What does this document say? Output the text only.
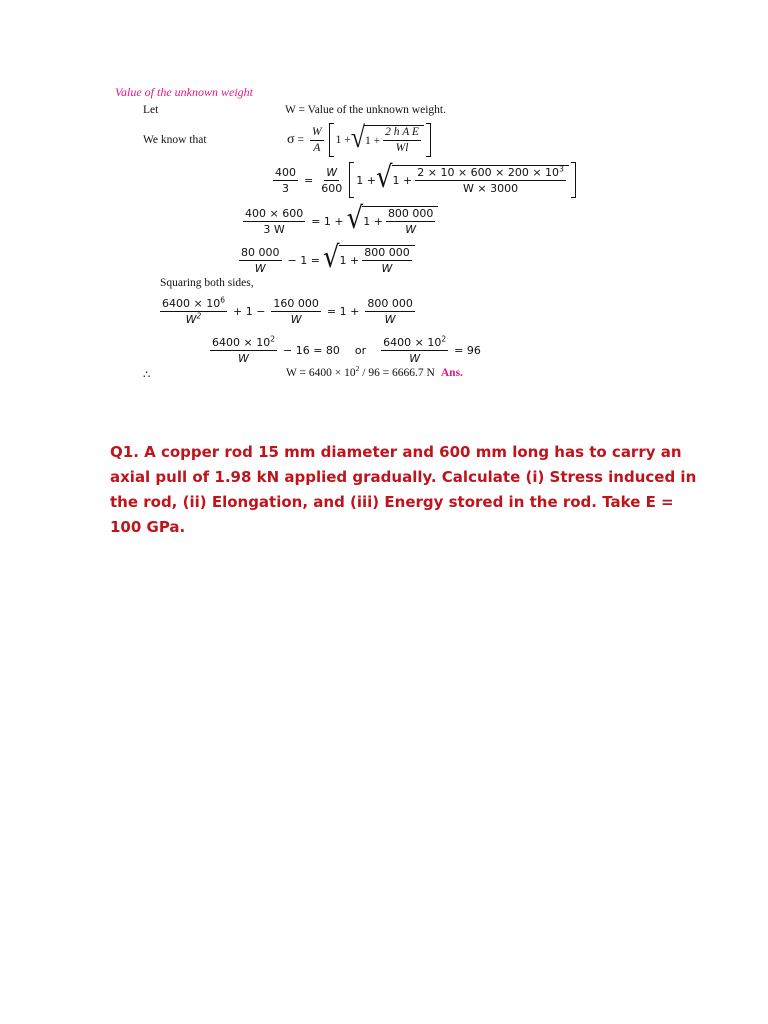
Value of the unknown weight
Let	W = Value of the unknown weight.
We know that	$\sigma = \frac{W}{A} 1$ + √ $1 + \frac{\text{2 h A E}}{Wl}$
$\frac{400}{3} = \frac{W}{600} 1$ + √ $1 + \frac{2 \times 10 \times 600 \times 200 \times 10^3}{W \times 3000}$
$\frac{400 \times 600}{3 W} = 1$ + √ $1 + \frac{800 000}{W}$
$\frac{80 000}{W} - 1$ = √ $1 + \frac{800 000}{W}$
Squaring both sides,
$\frac{6400 \times 10^6}{W^2} + 1 - \frac{160 000}{W} = 1 + \frac{800 000}{W}$
$\frac{6400 \times 10^2}{W} - 16 = 80$ or $\frac{6400 \times 10^2}{W} = 96$
∴	$W = 6400 \times 10^2 / 96 = 6666.7$ N Ans.
Q1. A copper rod 15 mm diameter and 600 mm long has to carry an axial pull of 1.98 kN applied gradually. Calculate (i) Stress induced in the rod, (ii) Elongation, and (iii) Energy stored in the rod. Take E = 100 GPa.
